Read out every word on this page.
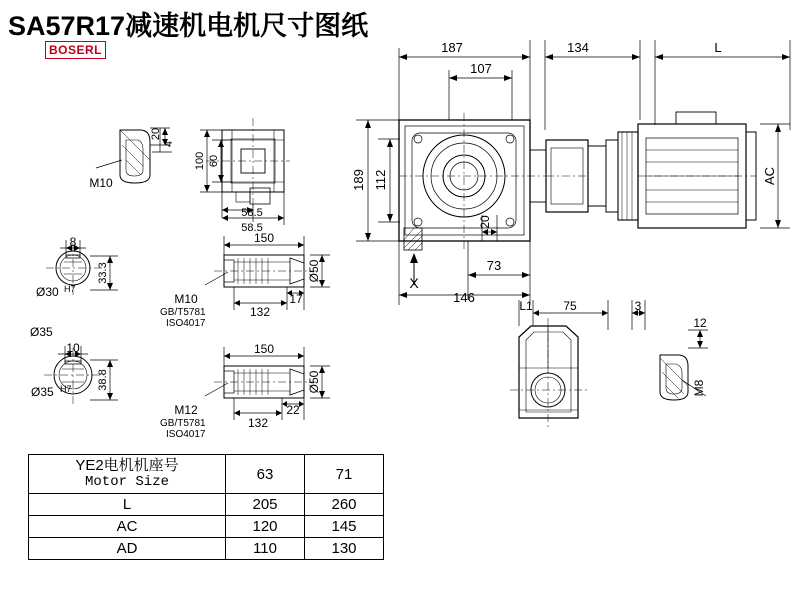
SA57R17减速机电机尺寸图纸
BOSERL	187
107
134	L
X
146
73
M10
58.5
58.5
8
Ø30 H7
Ø35
10
Ø35 H7
150
132
17
M10
150
132
22
M12
L1	75	3
12
189 112
20
AC
20
4
100 60
33.3
38.8
Ø50
Ø50	M8
GB/T5781
ISO4017
GB/T5781
ISO4017
YE2电机机座号
Motor Size	63	71
L	205	260
AC	120	145
AD	110	130
